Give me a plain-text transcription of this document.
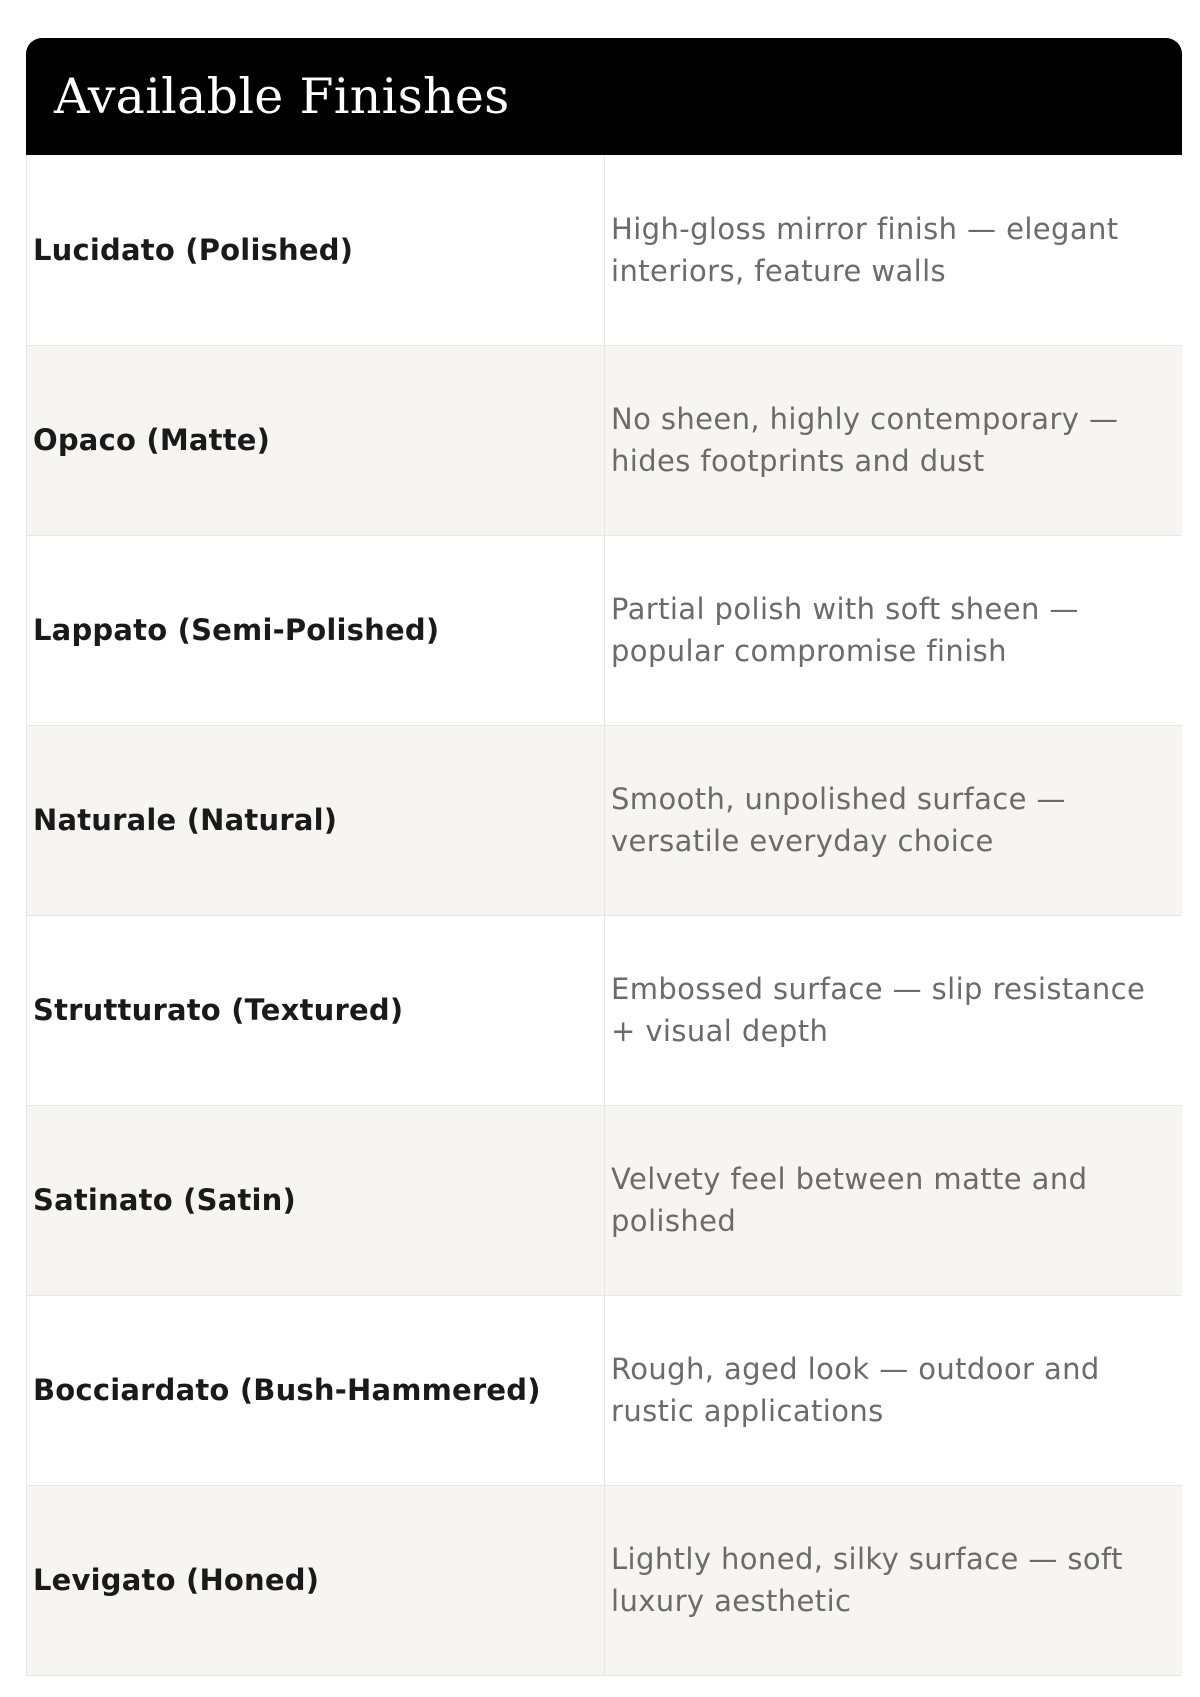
Available Finishes
Lucidato (Polished)	High-gloss mirror finish — elegant interiors, feature walls

Opaco (Matte)	No sheen, highly contemporary — hides footprints and dust

Lappato (Semi-Polished)	Partial polish with soft sheen — popular compromise finish

Naturale (Natural)	Smooth, unpolished surface — versatile everyday choice

Strutturato (Textured)	Embossed surface — slip resistance + visual depth

Satinato (Satin)	Velvety feel between matte and polished

Bocciardato (Bush-Hammered)	Rough, aged look — outdoor and rustic applications

Levigato (Honed)	Lightly honed, silky surface — soft luxury aesthetic
